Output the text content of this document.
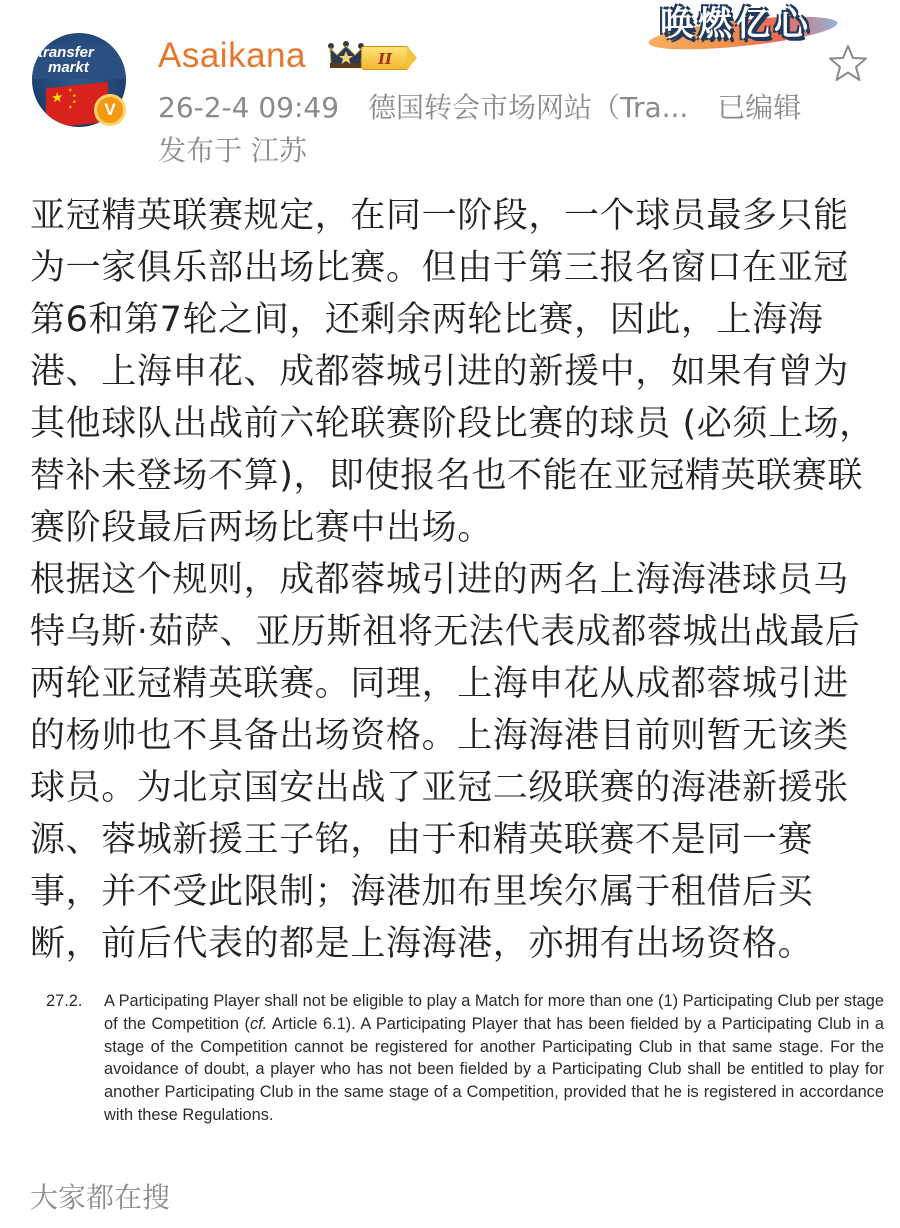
transfer
markt
★ ★
★
★
★	V
Asaikana	II
26-2-4 09:49 德国转会市场网站（Tra... 已编辑
发布于 江苏
唤燃亿心

亚冠精英联赛规定，在同一阶段，一个球员最多只能为一家俱乐部出场比赛。但由于第三报名窗口在亚冠第6和第7轮之间，还剩余两轮比赛，因此，上海海港、上海申花、成都蓉城引进的新援中，如果有曾为其他球队出战前六轮联赛阶段比赛的球员 (必须上场，替补未登场不算)，即使报名也不能在亚冠精英联赛联赛阶段最后两场比赛中出场。

根据这个规则，成都蓉城引进的两名上海海港球员马特乌斯·茹萨、亚历斯祖将无法代表成都蓉城出战最后两轮亚冠精英联赛。同理，上海申花从成都蓉城引进的杨帅也不具备出场资格。上海海港目前则暂无该类球员。为北京国安出战了亚冠二级联赛的海港新援张源、蓉城新援王子铭，由于和精英联赛不是同一赛事，并不受此限制；海港加布里埃尔属于租借后买断，前后代表的都是上海海港，亦拥有出场资格。

27.2. A Participating Player shall not be eligible to play a Match for more than one (1) Participating Club per stage of the Competition (cf. Article 6.1). A Participating Player that has been fielded by a Participating Club in a stage of the Competition cannot be registered for another Participating Club in that same stage. For the avoidance of doubt, a player who has not been fielded by a Participating Club shall be entitled to play for another Participating Club in the same stage of a Competition, provided that he is registered in accordance with these Regulations.
大家都在搜
